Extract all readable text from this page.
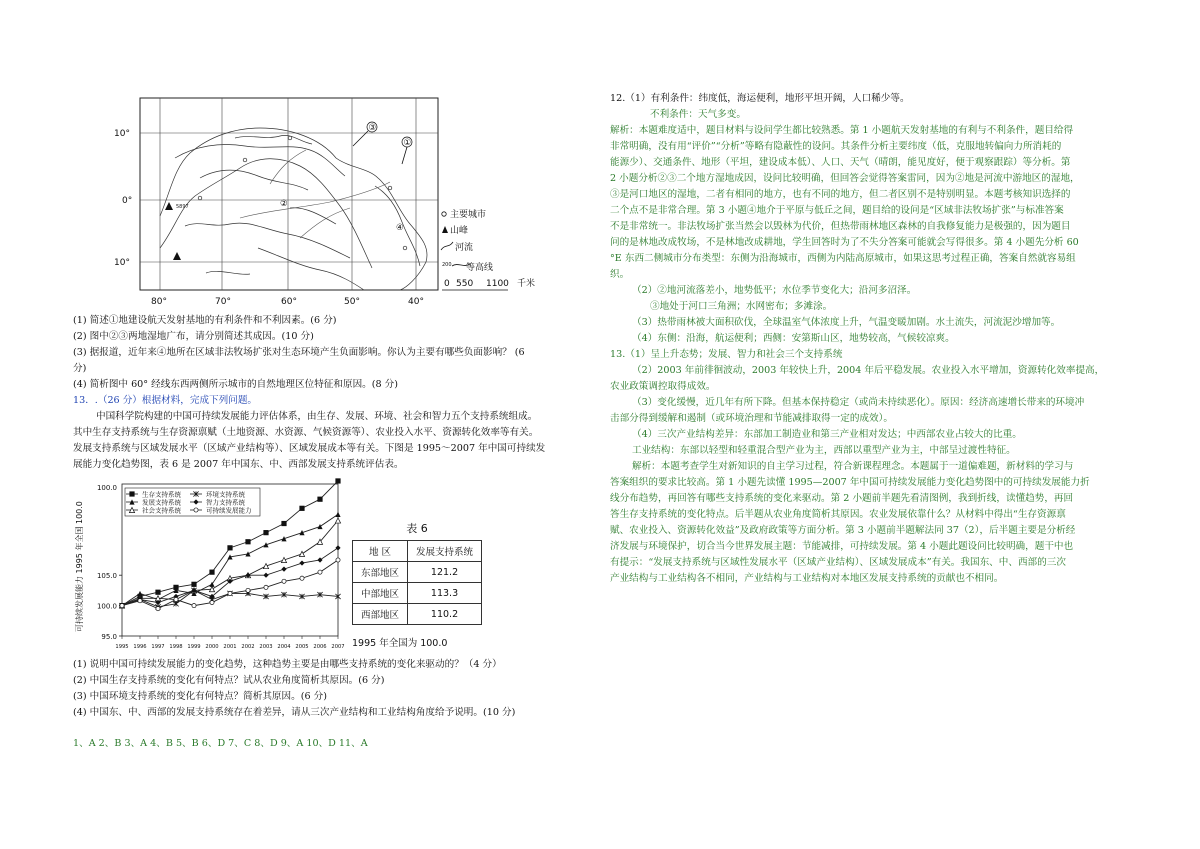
5897
③
①
②
④
10°
0°
10°
80°	70°	60°	50°	40°
主要城市
山峰
河流
200 等高线
0 550 1100 千米
(1) 简述①地建设航天发射基地的有利条件和不利因素。(6 分)
(2) 图中②③两地湿地广布，请分别简述其成因。(10 分)
(3) 据报道，近年来④地所在区域非法牧场扩张对生态环境产生负面影响。你认为主要有哪些负面影响？ (6
分)
(4) 简析图中 60° 经线东西两侧所示城市的自然地理区位特征和原因。(8 分)
13．.（26 分）根据材料，完成下列问题。
中国科学院构建的中国可持续发展能力评估体系，由生存、发展、环境、社会和智力五个支持系统组成。
其中生存支持系统与生存资源禀赋（土地资源、水资源、气候资源等）、农业投入水平、资源转化效率等有关。
发展支持系统与区域发展水平（区域产业结构等）、区域发展成本等有关。下图是 1995～2007 年中国可持续发
展能力变化趋势图，表 6 是 2007 年中国东、中、西部发展支持系统评估表。
95.0
100.0
105.0
100.0
可持续发展能力 1995 年全国 100.0
1995 1996 1997 1998 1999 2000 2001 2002 2003 2004 2005 2006 2007
生存支持系统
发展支持系统
社会支持系统
环境支持系统
智力支持系统
可持续发展能力
表 6
地 区	发展支持系统
东部地区	121.2
中部地区	113.3
西部地区	110.2
1995 年全国为 100.0
(1) 说明中国可持续发展能力的变化趋势，这种趋势主要是由哪些支持系统的变化来驱动的？（4 分）
(2) 中国生存支持系统的变化有何特点？试从农业角度简析其原因。(6 分)
(3) 中国环境支持系统的变化有何特点？简析其原因。(6 分)
(4) 中国东、中、西部的发展支持系统存在着差异，请从三次产业结构和工业结构角度给予说明。(10 分)
1、A 2、B 3、A 4、B 5、B 6、D 7、C 8、D 9、A 10、D 11、A
12.（1）有利条件：纬度低，海运便利，地形平坦开阔，人口稀少等。
不利条件：天气多变。
解析：本题难度适中，题目材料与设问学生都比较熟悉。第 1 小题航天发射基地的有利与不利条件，题目给得
非常明确，没有用“评价”“分析”等略有隐蔽性的设问。其条件分析主要纬度（低，克服地转偏向力所消耗的
能源少）、交通条件、地形（平坦，建设成本低）、人口、天气（晴朗，能见度好，便于观察跟踪）等分析。第
2 小题分析②③二个地方湿地成因，设问比较明确，但回答会觉得答案雷同，因为②地是河流中游地区的湿地，
③是河口地区的湿地，二者有相同的地方，也有不同的地方，但二者区别不是特别明显。本题考核知识选择的
二个点不是非常合理。第 3 小题④地介于平原与低丘之间，题目给的设问是“区域非法牧场扩张”与标准答案
不是非常统一。非法牧场扩张当然会以毁林为代价，但热带雨林地区森林的自我修复能力是极强的，因为题目
问的是林地改成牧场，不是林地改成耕地，学生回答时为了不失分答案可能就会写得很多。第 4 小题先分析 60
°E 东西二侧城市分布类型：东侧为沿海城市，西侧为内陆高原城市，如果这思考过程正确，答案自然就容易组
织。
（2）②地河流落差小，地势低平；水位季节变化大；沿河多沼泽。
③地处于河口三角洲；水网密布；多滩涂。
（3）热带雨林被大面积砍伐，全球温室气体浓度上升，气温变暖加剧。水土流失，河流泥沙增加等。
（4）东侧：沿海，航运便利；西侧：安第斯山区，地势较高，气候较凉爽。
13.（1）呈上升态势；发展、智力和社会三个支持系统
（2）2003 年前徘徊波动，2003 年较快上升，2004 年后平稳发展。农业投入水平增加，资源转化效率提高，
农业政策调控取得成效。
（3）变化缓慢，近几年有所下降。但基本保持稳定（或尚未持续恶化）。原因：经济高速增长带来的环境冲
击部分得到缓解和遏制（或环境治理和节能减排取得一定的成效）。
（4）三次产业结构差异：东部加工制造业和第三产业相对发达；中西部农业占较大的比重。
工业结构：东部以轻型和轻重混合型产业为主，西部以重型产业为主，中部呈过渡性特征。
解析：本题考查学生对新知识的自主学习过程，符合新课程理念。本题属于一道偏难题，新材料的学习与
答案组织的要求比较高。第 1 小题先读懂 1995—2007 年中国可持续发展能力变化趋势图中的可持续发展能力折
线分布趋势，再回答有哪些支持系统的变化来驱动。第 2 小题前半题先看清图例，我到折线，读懂趋势，再回
答生存支持系统的变化特点。后半题从农业角度简析其原因。农业发展依靠什么？从材料中得出“生存资源禀
赋、农业投入、资源转化效益”及政府政策等方面分析。第 3 小题前半题解法同 37（2），后半题主要是分析经
济发展与环境保护，切合当今世界发展主题：节能减排，可持续发展。第 4 小题此题设问比较明确，题干中也
有提示：“发展支持系统与区域性发展水平（区域产业结构）、区域发展成本”有关。我国东、中、西部的三次
产业结构与工业结构各不相同，产业结构与工业结构对本地区发展支持系统的贡献也不相同。
